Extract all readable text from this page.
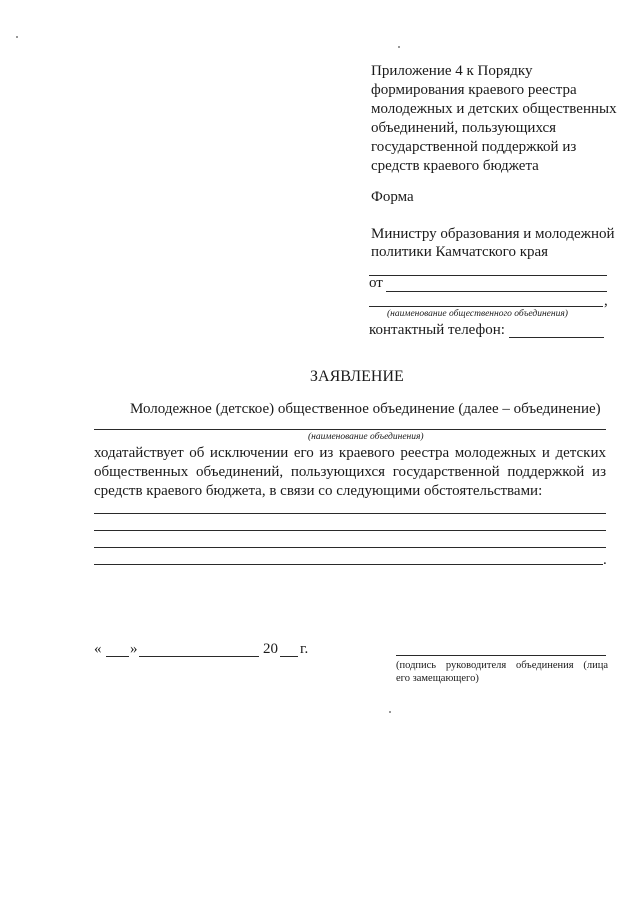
Приложение 4 к Порядку
формирования краевого реестра
молодежных и детских общественных
объединений, пользующихся
государственной поддержкой из
средств краевого бюджета
Форма
Министру образования и молодежной
политики Камчатского края
от
,
(наименование общественного объединения)
контактный телефон:
ЗАЯВЛЕНИЕ
Молодежное (детское) общественное объединение (далее – объединение)
(наименование объединения)
ходатайствует об исключении его из краевого реестра молодежных и детских
общественных объединений, пользующихся государственной поддержкой из
средств краевого бюджета, в связи со следующими обстоятельствами:
.
« »	20 г.
(подпись руководителя объединения (лица
его замещающего)
